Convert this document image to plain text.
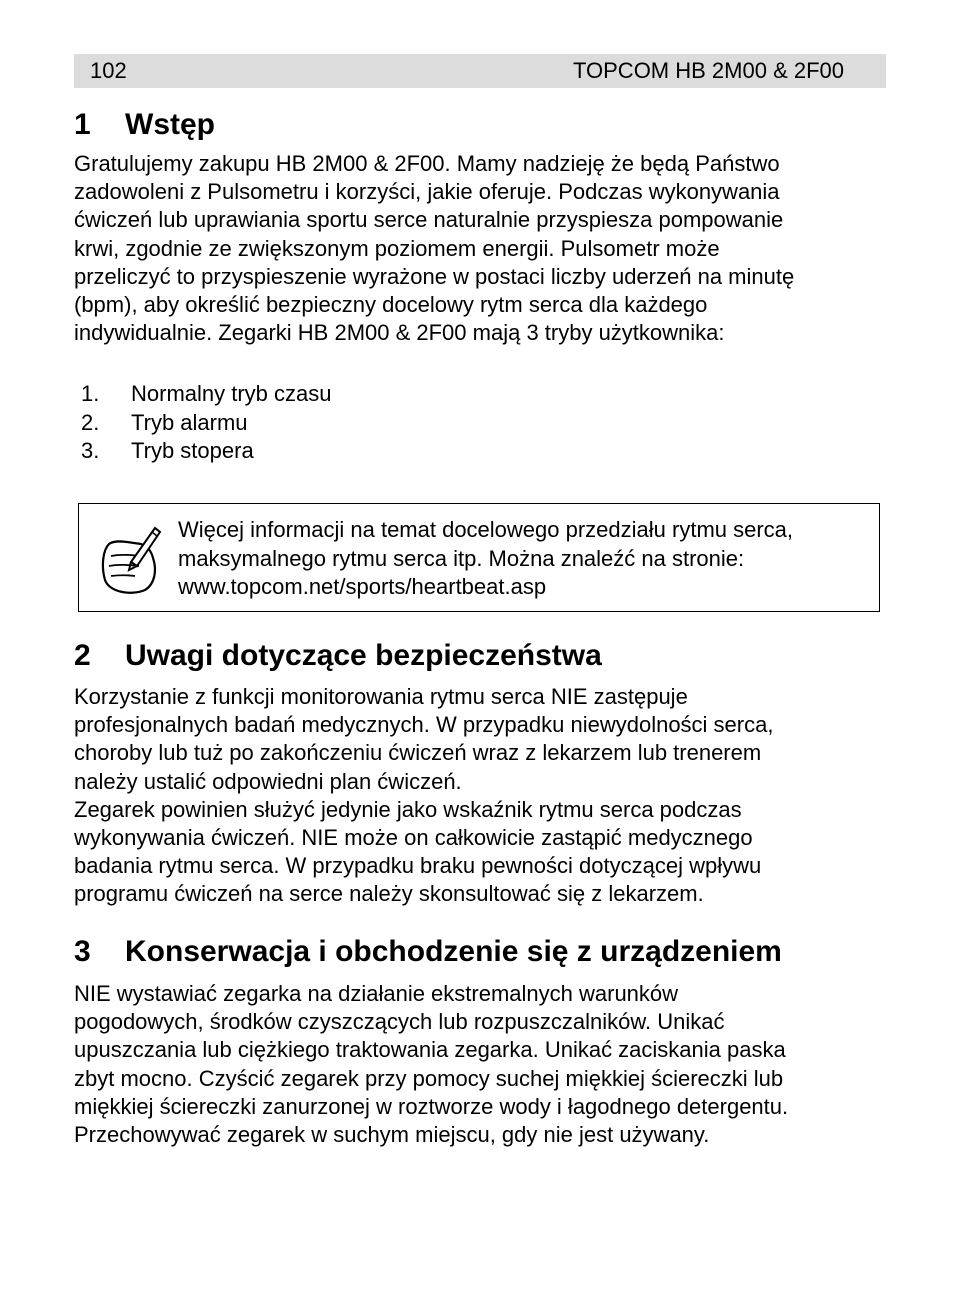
102	TOPCOM HB 2M00 & 2F00
1 Wstęp
Gratulujemy zakupu HB 2M00 & 2F00. Mamy nadzieję że będą Państwo
zadowoleni z Pulsometru i korzyści, jakie oferuje. Podczas wykonywania
ćwiczeń lub uprawiania sportu serce naturalnie przyspiesza pompowanie
krwi, zgodnie ze zwiększonym poziomem energii. Pulsometr może
przeliczyć to przyspieszenie wyrażone w postaci liczby uderzeń na minutę
(bpm), aby określić bezpieczny docelowy rytm serca dla każdego
indywidualnie. Zegarki HB 2M00 & 2F00 mają 3 tryby użytkownika:
1. Normalny tryb czasu
2. Tryb alarmu
3. Tryb stopera
Więcej informacji na temat docelowego przedziału rytmu serca,
maksymalnego rytmu serca itp. Można znaleźć na stronie:
www.topcom.net/sports/heartbeat.asp
2 Uwagi dotyczące bezpieczeństwa
Korzystanie z funkcji monitorowania rytmu serca NIE zastępuje
profesjonalnych badań medycznych. W przypadku niewydolności serca,
choroby lub tuż po zakończeniu ćwiczeń wraz z lekarzem lub trenerem
należy ustalić odpowiedni plan ćwiczeń.
Zegarek powinien służyć jedynie jako wskaźnik rytmu serca podczas
wykonywania ćwiczeń. NIE może on całkowicie zastąpić medycznego
badania rytmu serca. W przypadku braku pewności dotyczącej wpływu
programu ćwiczeń na serce należy skonsultować się z lekarzem.
3 Konserwacja i obchodzenie się z urządzeniem
NIE wystawiać zegarka na działanie ekstremalnych warunków
pogodowych, środków czyszczących lub rozpuszczalników. Unikać
upuszczania lub ciężkiego traktowania zegarka. Unikać zaciskania paska
zbyt mocno. Czyścić zegarek przy pomocy suchej miękkiej ściereczki lub
miękkiej ściereczki zanurzonej w roztworze wody i łagodnego detergentu.
Przechowywać zegarek w suchym miejscu, gdy nie jest używany.
